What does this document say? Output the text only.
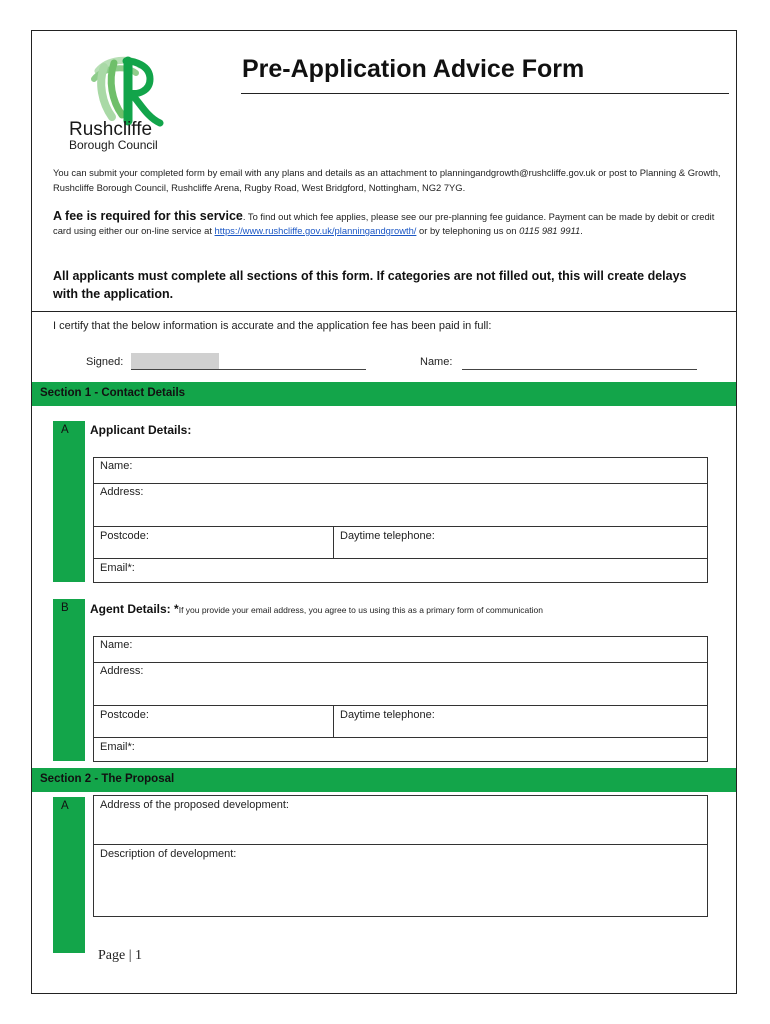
Rushcliffe
Borough Council
Pre-Application Advice Form
You can submit your completed form by email with any plans and details as an attachment to planningandgrowth@rushcliffe.gov.uk or post to Planning & Growth, Rushcliffe Borough Council, Rushcliffe Arena, Rugby Road, West Bridgford, Nottingham, NG2 7YG.
A fee is required for this service. To find out which fee applies, please see our pre-planning fee guidance. Payment can be made by debit or credit card using either our on-line service at https://www.rushcliffe.gov.uk/planningandgrowth/ or by telephoning us on 0115 981 9911.
All applicants must complete all sections of this form. If categories are not filled out, this will create delays with the application.
I certify that the below information is accurate and the application fee has been paid in full:
Signed:	Name:
Section 1 - Contact Details
A Applicant Details:
Name:
Address:
Postcode:	Daytime telephone:
Email*:
B Agent Details: *If you provide your email address, you agree to us using this as a primary form of communication
Name:
Address:
Postcode:	Daytime telephone:
Email*:
Section 2 - The Proposal
A	Address of the proposed development:
Description of development:
Page | 1
